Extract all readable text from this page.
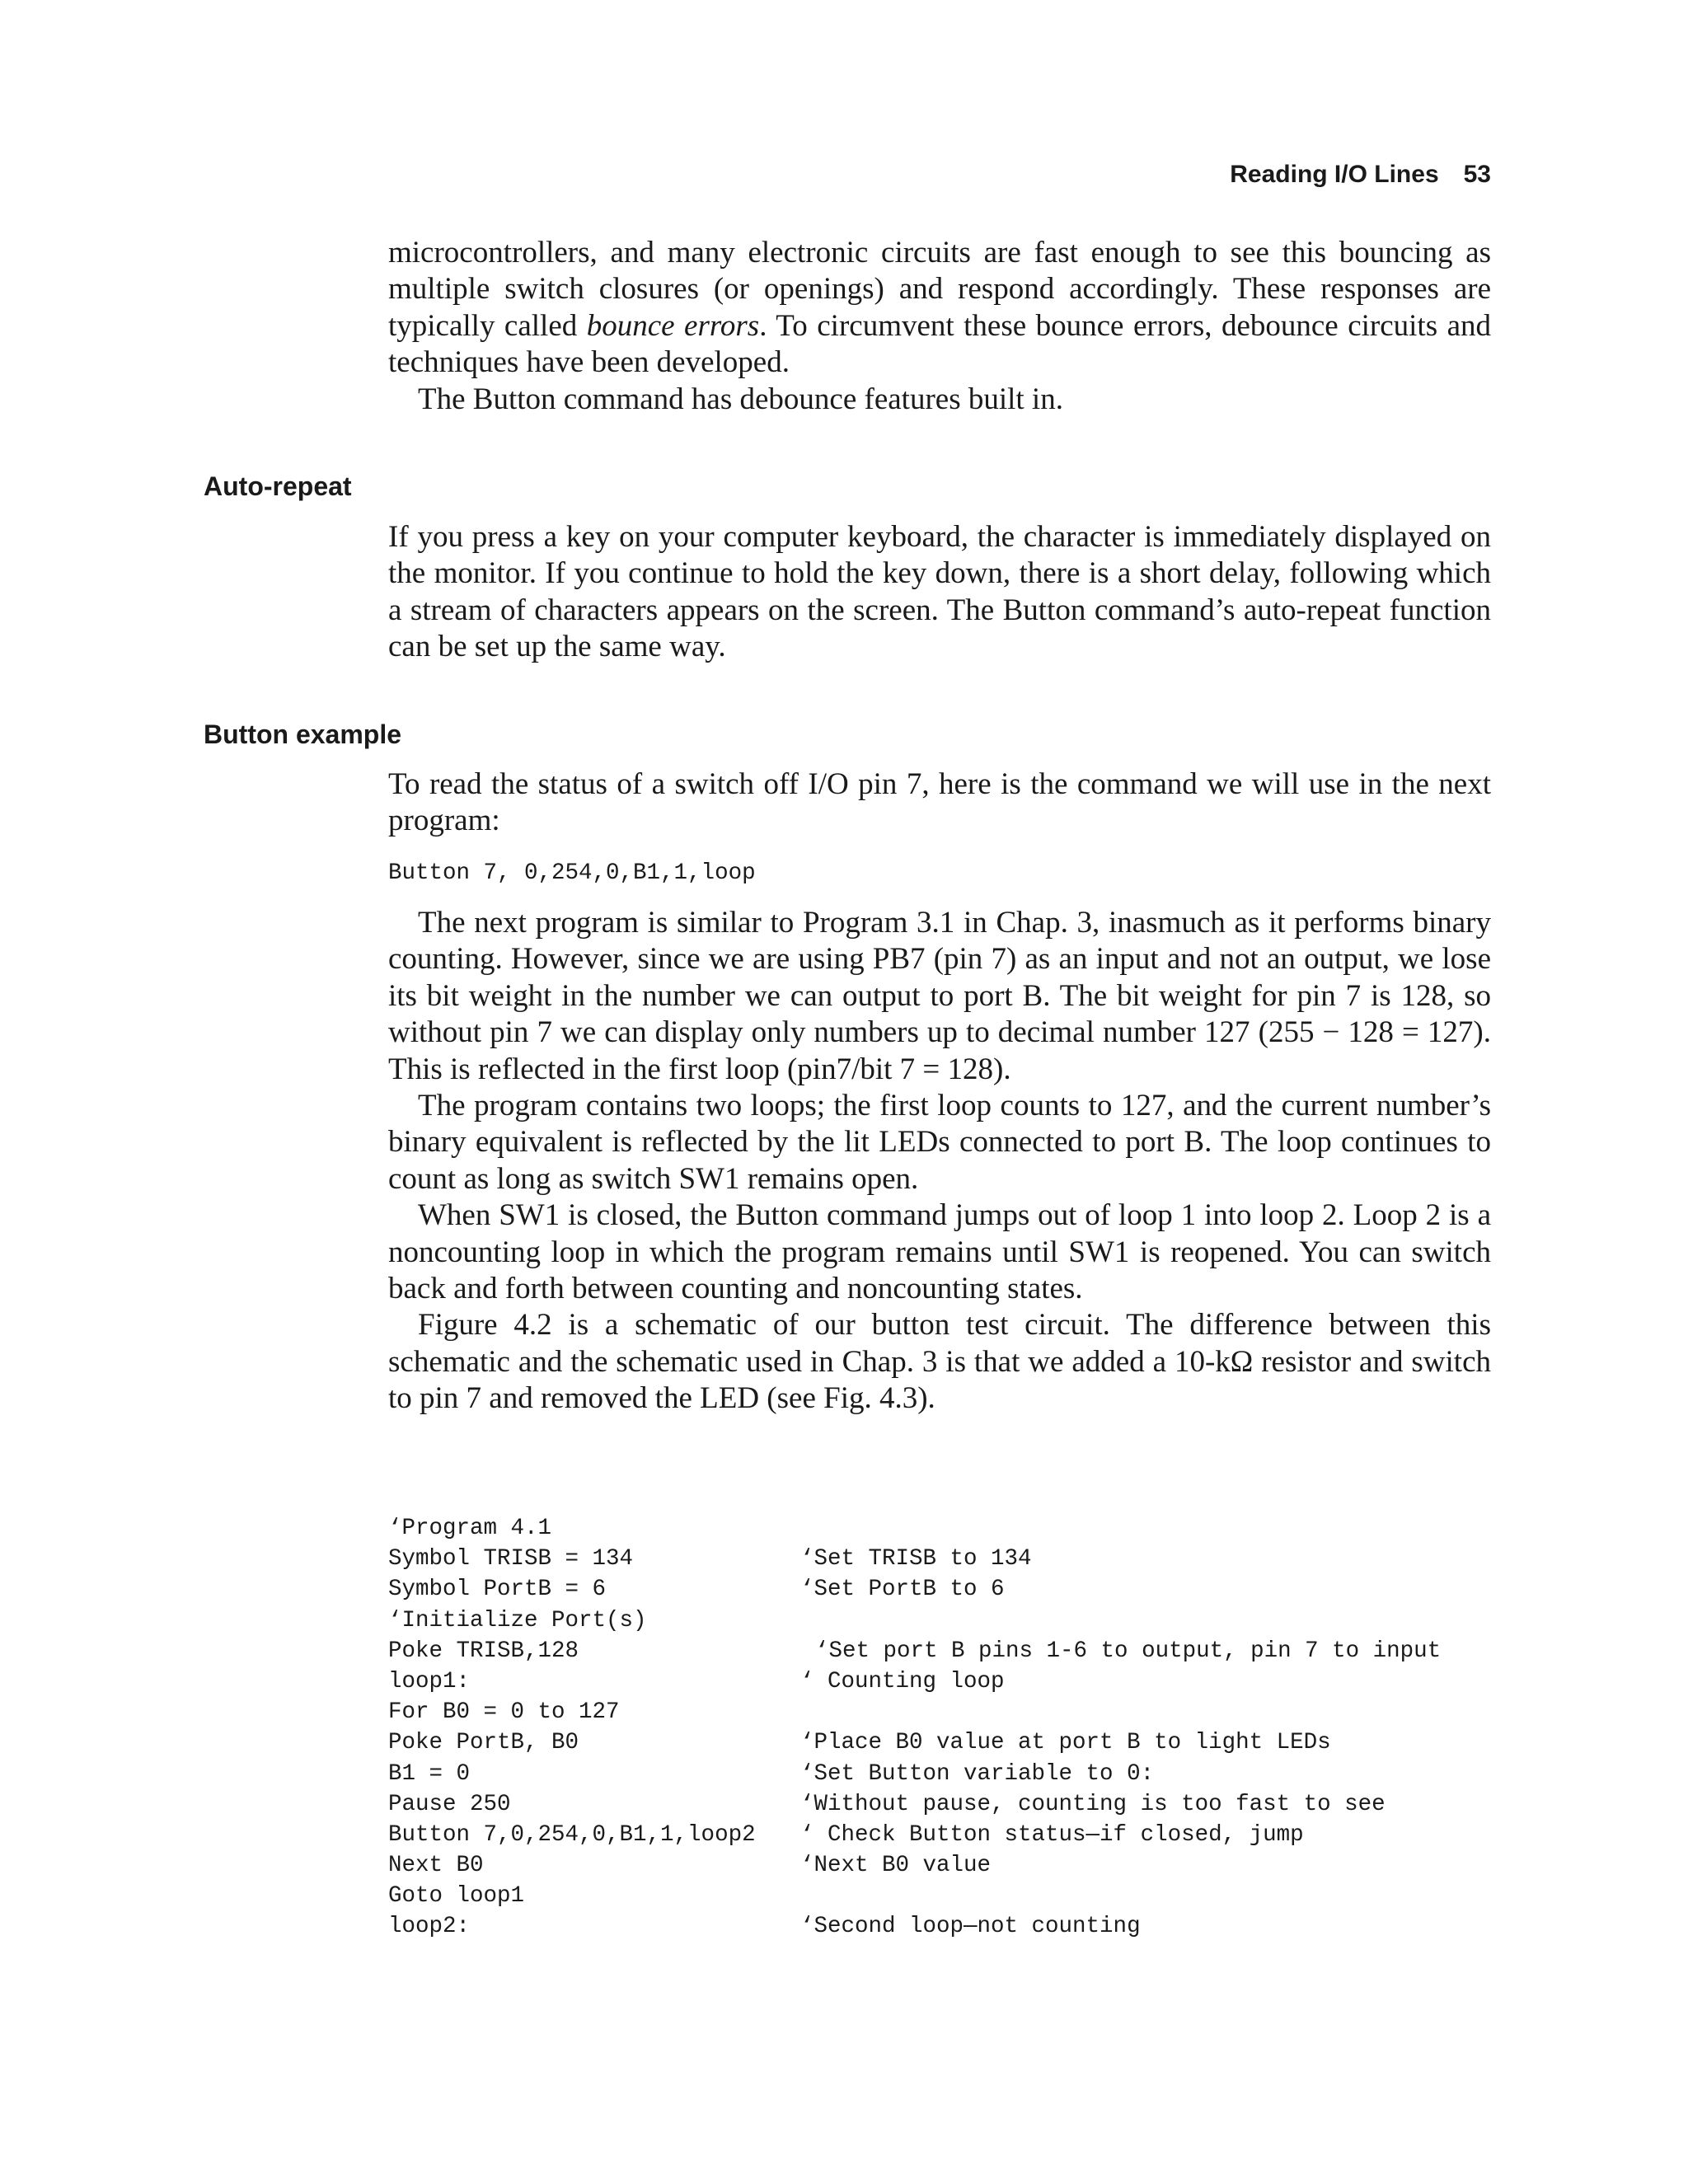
Reading I/O Lines 53

microcontrollers, and many electronic circuits are fast enough to see this bouncing as multiple switch closures (or openings) and respond accordingly. These responses are typically called bounce errors. To circumvent these bounce errors, debounce circuits and techniques have been developed.

The Button command has debounce features built in.

Auto-repeat

If you press a key on your computer keyboard, the character is immediately displayed on the monitor. If you continue to hold the key down, there is a short delay, following which a stream of characters appears on the screen. The Button command’s auto-repeat function can be set up the same way.

Button example

To read the status of a switch off I/O pin 7, here is the command we will use in the next program:

Button 7, 0,254,0,B1,1,loop

The next program is similar to Program 3.1 in Chap. 3, inasmuch as it performs binary counting. However, since we are using PB7 (pin 7) as an input and not an output, we lose its bit weight in the number we can output to port B. The bit weight for pin 7 is 128, so without pin 7 we can display only numbers up to decimal number 127 (255 − 128 = 127). This is reflected in the first loop (pin7/bit 7 = 128).

The program contains two loops; the first loop counts to 127, and the current number’s binary equivalent is reflected by the lit LEDs connected to port B. The loop continues to count as long as switch SW1 remains open.

When SW1 is closed, the Button command jumps out of loop 1 into loop 2. Loop 2 is a noncounting loop in which the program remains until SW1 is reopened. You can switch back and forth between counting and noncounting states.

Figure 4.2 is a schematic of our button test circuit. The difference between this schematic and the schematic used in Chap. 3 is that we added a 10-kΩ resistor and switch to pin 7 and removed the LED (see Fig. 4.3).

‘Program 4.1
Symbol TRISB = 134	‘Set TRISB to 134
Symbol PortB = 6	‘Set PortB to 6
‘Initialize Port(s)
Poke TRISB,128	‘Set port B pins 1-6 to output, pin 7 to input
loop1:	‘ Counting loop
For B0 = 0 to 127
Poke PortB, B0	‘Place B0 value at port B to light LEDs
B1 = 0	‘Set Button variable to 0:
Pause 250	‘Without pause, counting is too fast to see
Button 7,0,254,0,B1,1,loop2 ‘ Check Button status—if closed, jump
Next B0	‘Next B0 value
Goto loop1
loop2:	‘Second loop—not counting
